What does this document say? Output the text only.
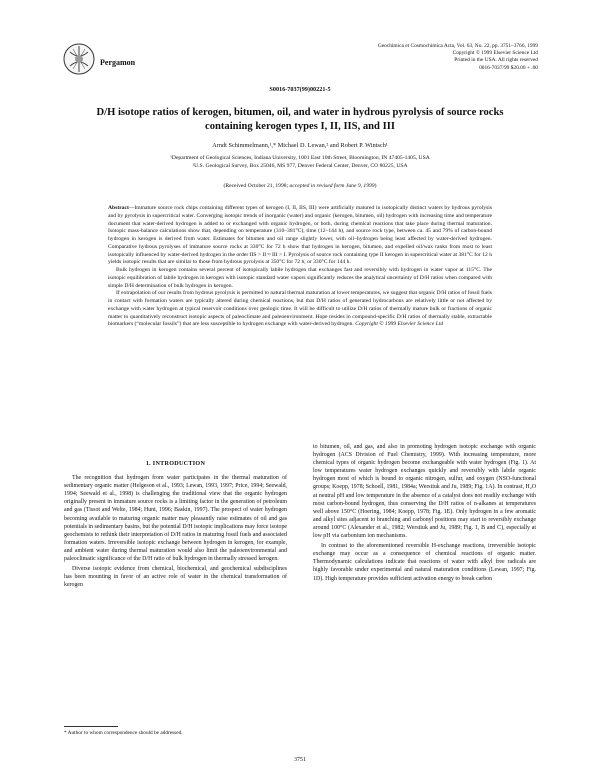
Pergamon
Geochimica et Cosmochimica Acta, Vol. 63, No. 22, pp. 3751–3766, 1999
Copyright © 1999 Elsevier Science Ltd
Printed in the USA. All rights reserved
0016-7037/99 $20.00 + .00
S0016-7037(99)00221-5
D/H isotope ratios of kerogen, bitumen, oil, and water in hydrous pyrolysis of source rocks
containing kerogen types I, II, IIS, and III
Arndt Schimmelmann,¹,* Michael D. Lewan,² and Robert P. Wintsch¹
¹Department of Geological Sciences, Indiana University, 1001 East 10th Street, Bloomington, IN 47405-1405, USA
²U.S. Geological Survey, Box 25046, MS 977, Denver Federal Center, Denver, CO 80225, USA
(Received October 21, 1998; accepted in revised form June 9, 1999)

Abstract—Immature source rock chips containing different types of kerogen (I, II, IIS, III) were artificially matured in isotopically distinct waters by hydrous pyrolysis and by pyrolysis in supercritical water. Converging isotopic trends of inorganic (water) and organic (kerogen, bitumen, oil) hydrogen with increasing time and temperature document that water-derived hydrogen is added to or exchanged with organic hydrogen, or both, during chemical reactions that take place during thermal maturation. Isotopic mass-balance calculations show that, depending on temperature (310–381°C), time (12–144 h), and source rock type, between ca. 45 and 79% of carbon-bound hydrogen in kerogen is derived from water. Estimates for bitumen and oil range slightly lower, with oil–hydrogen being least affected by water-derived hydrogen. Comparative hydrous pyrolyses of immature source rocks at 330°C for 72 h show that hydrogen in kerogen, bitumen, and expelled oil/wax ranks from most to least isotopically influenced by water-derived hydrogen in the order IIS > II ≈ III > I. Pyrolysis of source rock containing type II kerogen in supercritical water at 381°C for 12 h yields isotopic results that are similar to those from hydrous pyrolysis at 350°C for 72 h, or 330°C for 144 h.

Bulk hydrogen in kerogen contains several percent of isotopically labile hydrogen that exchanges fast and reversibly with hydrogen in water vapor at 115°C. The isotopic equilibration of labile hydrogen in kerogen with isotopic standard water vapors significantly reduces the analytical uncertainty of D/H ratios when compared with simple D/H determination of bulk hydrogen in kerogen.

If extrapolation of our results from hydrous pyrolysis is permitted to natural thermal maturation at lower temperatures, we suggest that organic D/H ratios of fossil fuels in contact with formation waters are typically altered during chemical reactions, but that D/H ratios of generated hydrocarbons are relatively little or not affected by exchange with water hydrogen at typical reservoir conditions over geologic time. It will be difficult to utilize D/H ratios of thermally mature bulk or fractions of organic matter to quantitatively reconstruct isotopic aspects of paleoclimate and paleoenvironment. Hope resides in compound-specific D/H ratios of thermally stable, extractable biomarkers (“molecular fossils”) that are less susceptible to hydrogen exchange with water-derived hydrogen. Copyright © 1999 Elsevier Science Ltd

1. INTRODUCTION

The recognition that hydrogen from water participates in the thermal maturation of sedimentary organic matter (Helgeson et al., 1993; Lewan, 1993, 1997; Price, 1994; Seewald, 1994; Seewald et al., 1998) is challenging the traditional view that the organic hydrogen originally present in immature source rocks is a limiting factor in the generation of petroleum and gas (Tissot and Welte, 1984; Hunt, 1996; Baskin, 1997). The prospect of water hydrogen becoming available to maturing organic matter may pleasantly raise estimates of oil and gas potentials in sedimentary basins, but the potential D/H isotopic implications may force isotope geochemists to rethink their interpretation of D/H ratios in maturing fossil fuels and associated formation waters. Irreversible isotopic exchange between hydrogen in kerogen, for example, and ambient water during thermal maturation would also limit the paleoenvironmental and paleoclimatic significance of the D/H ratio of bulk hydrogen in thermally stressed kerogen.

Diverse isotopic evidence from chemical, biochemical, and geochemical subdisciplines has been mounting in favor of an active role of water in the chemical transformation of kerogen

to bitumen, oil, and gas, and also in promoting hydrogen isotopic exchange with organic hydrogen (ACS Division of Fuel Chemistry, 1999). With increasing temperature, more chemical types of organic hydrogen become exchangeable with water hydrogen (Fig. 1). At low temperatures water hydrogen exchanges quickly and reversibly with labile organic hydrogen most of which is bound to organic nitrogen, sulfur, and oxygen (NSO-functional groups; Koepp, 1978; Schoell, 1981, 1984a; Werstiuk and Ju, 1989; Fig. 1A). In contrast, H₂O at neutral pH and low temperature in the absence of a catalyst does not readily exchange with most carbon-bound hydrogen, thus conserving the D/H ratios of n-alkanes at temperatures well above 150°C (Hoering, 1984; Koepp, 1978; Fig. 1E). Only hydrogen in a few aromatic and alkyl sites adjacent to branching and carbonyl positions may start to reversibly exchange around 100°C (Alexander et al., 1982; Werstiuk and Ju, 1989; Fig. 1, B and C), especially at low pH via carbonium ion mechanisms.

In contrast to the aforementioned reversible H-exchange reactions, irreversible isotopic exchange may occur as a consequence of chemical reactions of organic matter. Thermodynamic calculations indicate that reactions of water with alkyl free radicals are highly favorable under experimental and natural maturation conditions (Lewan, 1997; Fig. 1D). High temperature provides sufficient activation energy to break carbon

* Author to whom correspondence should be addressed.
3751
